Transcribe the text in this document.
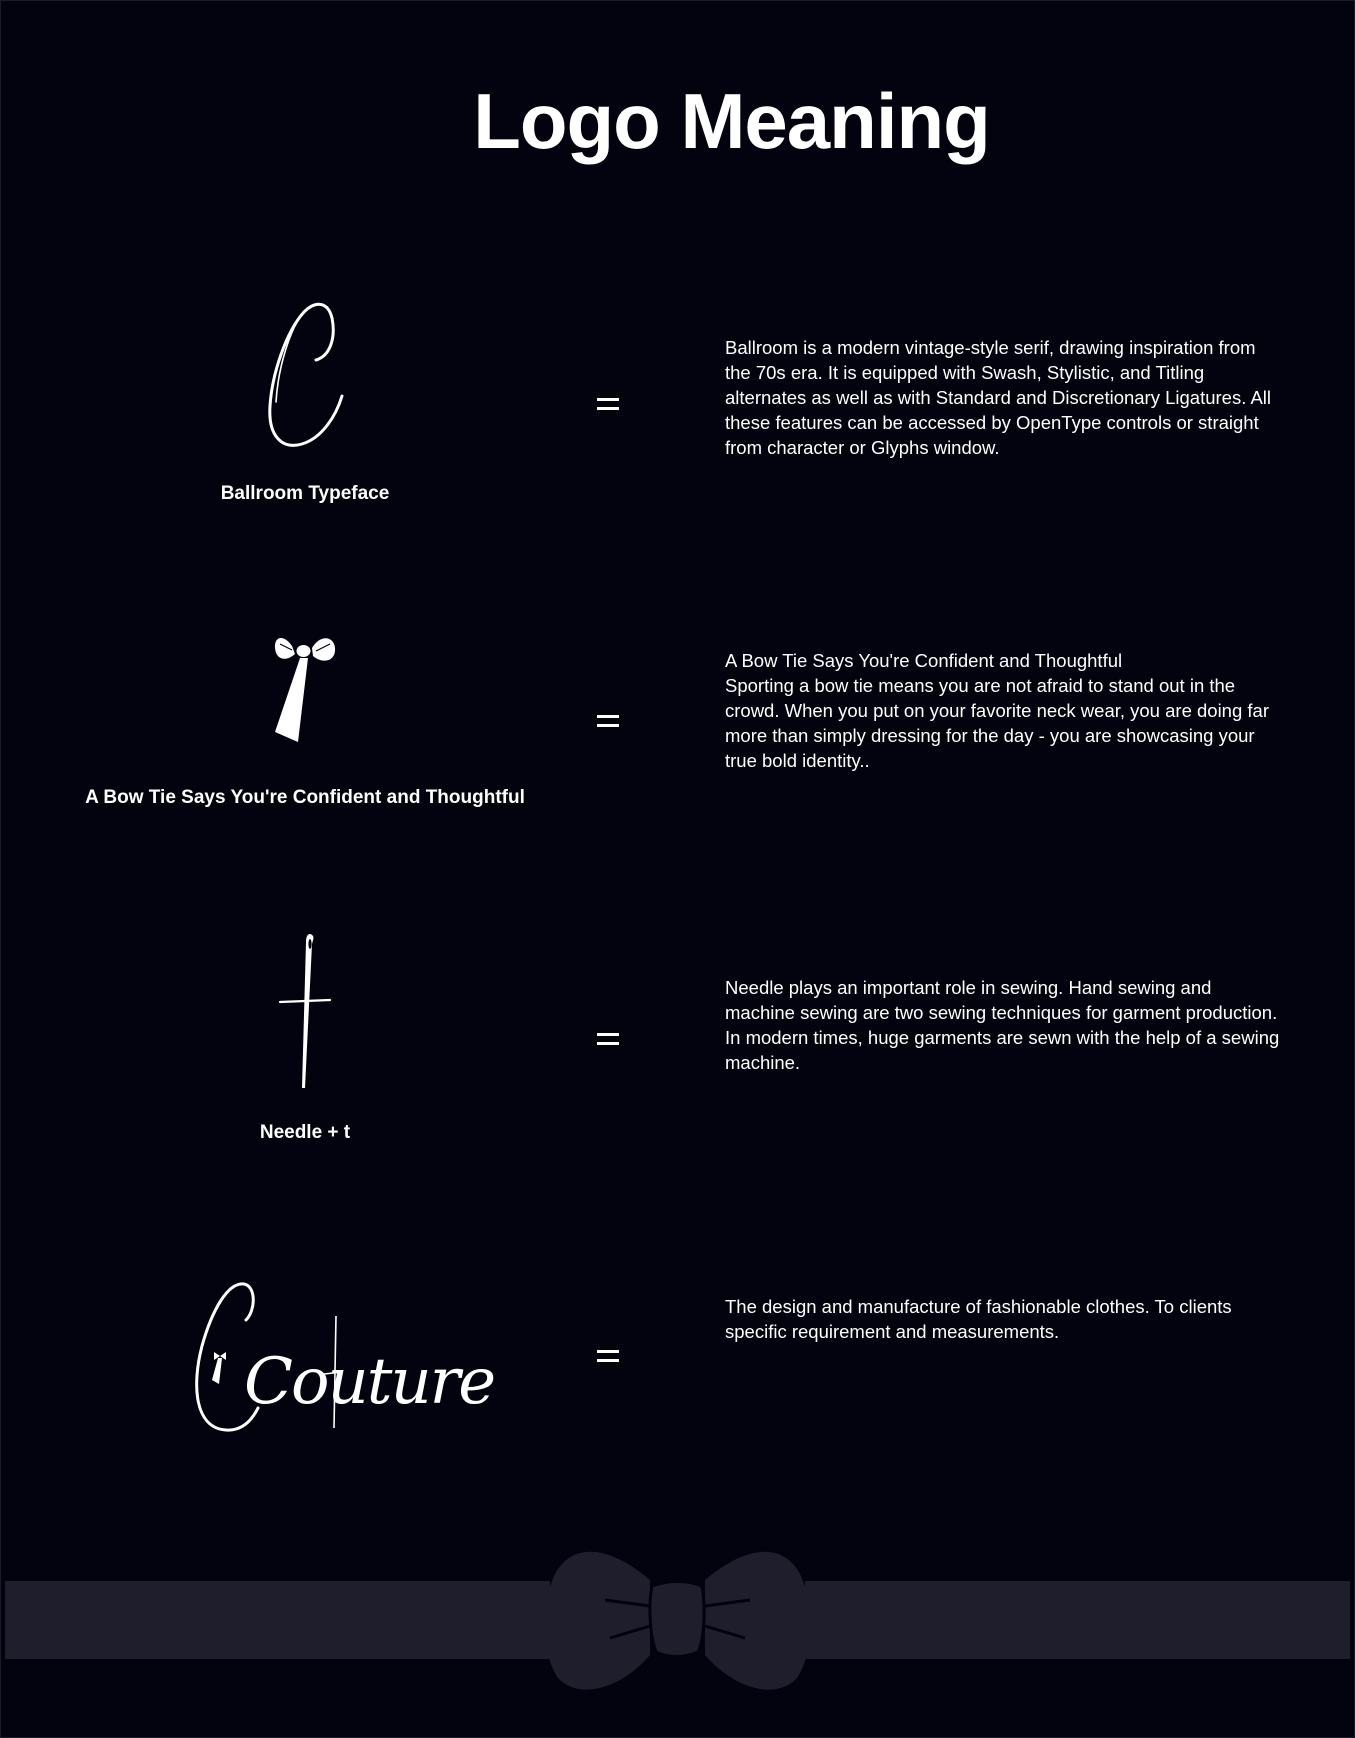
Logo Meaning
Ballroom Typeface

Ballroom is a modern vintage-style serif, drawing inspiration from the 70s era. It is equipped with Swash, Stylistic, and Titling alternates as well as with Standard and Discretionary Ligatures. All these features can be accessed by OpenType controls or straight from character or Glyphs window.

A Bow Tie Says You're Confident and Thoughtful

A Bow Tie Says You're Confident and Thoughtful

Sporting a bow tie means you are not afraid to stand out in the crowd. When you put on your favorite neck wear, you are doing far more than simply dressing for the day - you are showcasing your true bold identity..

Needle + t

Needle plays an important role in sewing. Hand sewing and machine sewing are two sewing techniques for garment production. In modern times, huge garments are sewn with the help of a sewing machine.

Couture

The design and manufacture of fashionable clothes. To clients specific requirement and measurements.
